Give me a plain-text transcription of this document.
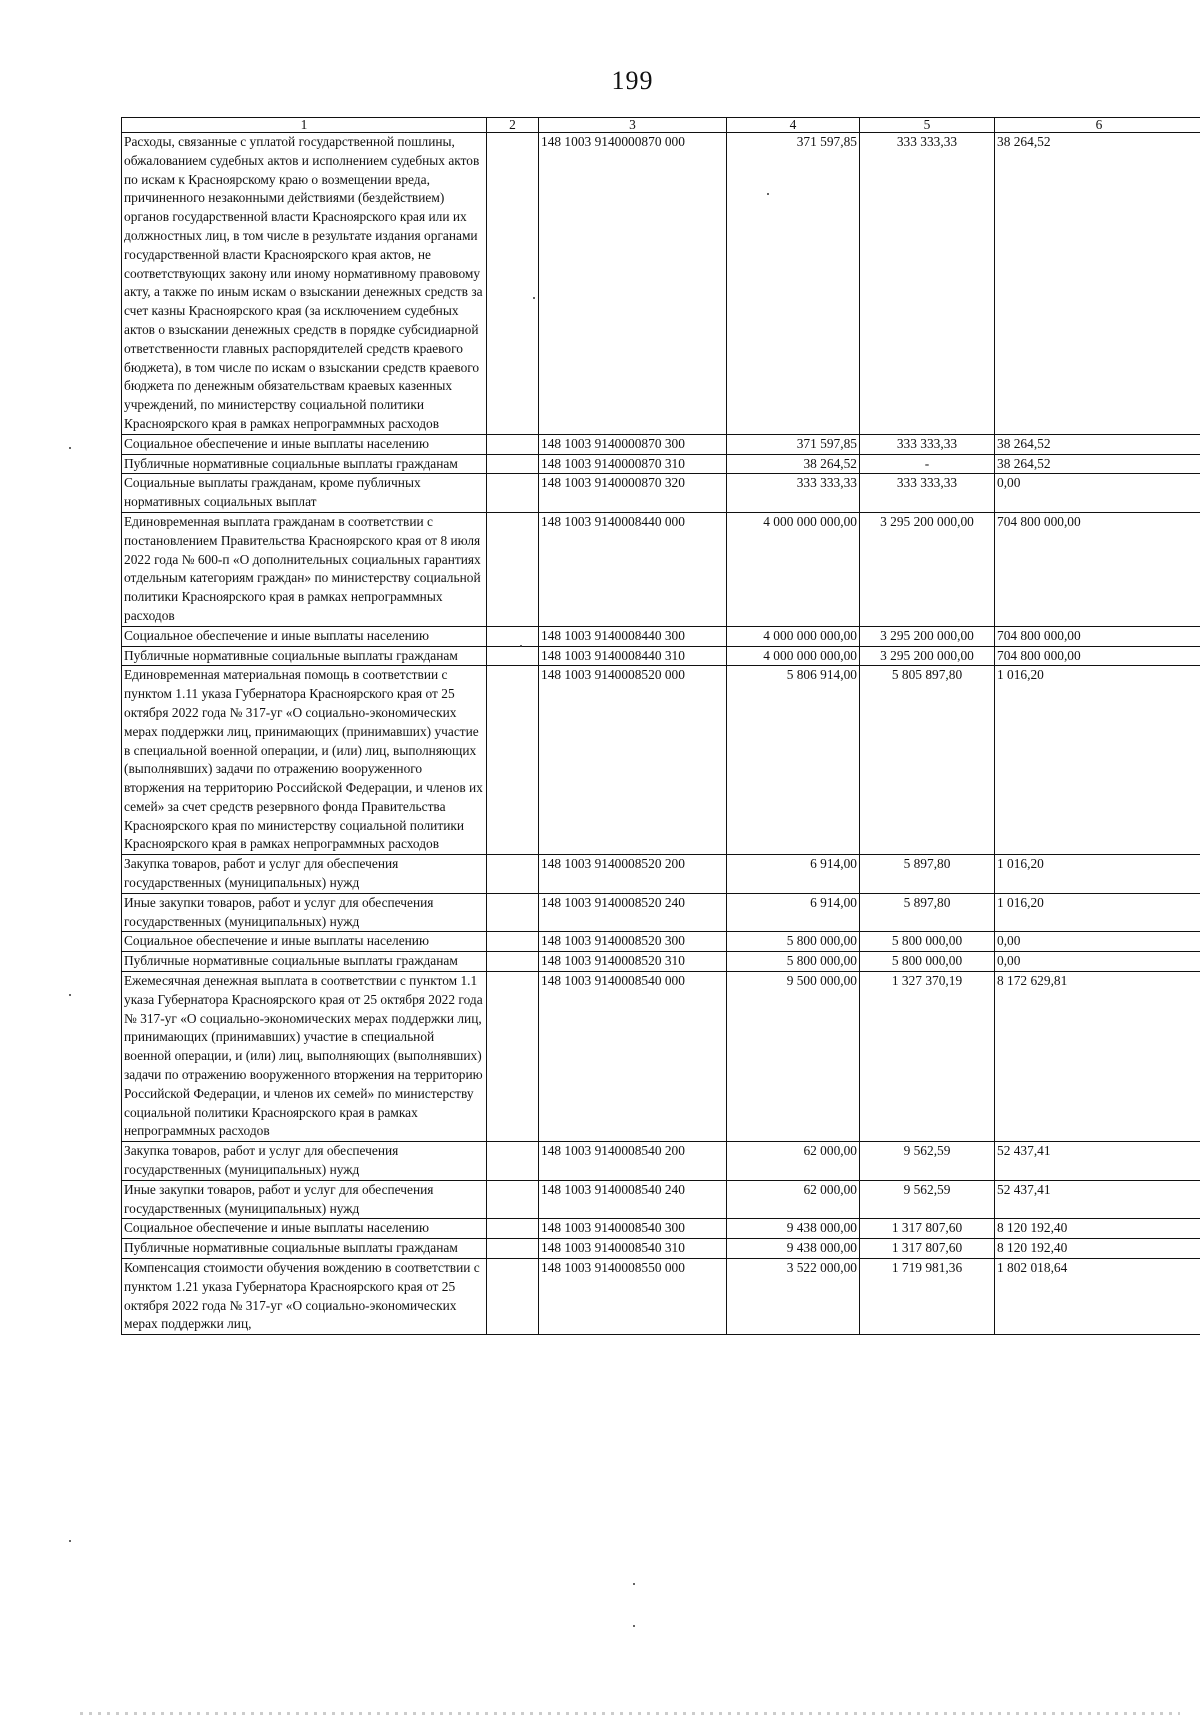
199
1	2	3	4	5	6
Расходы, связанные с уплатой государственной пошлины, обжалованием судебных актов и исполнением судебных актов по искам к Красноярскому краю о возмещении вреда, причиненного незаконными действиями (бездействием) органов государственной власти Красноярского края или их должностных лиц, в том числе в результате издания органами государственной власти Красноярского края актов, не соответствующих закону или иному нормативному правовому акту, а также по иным искам о взыскании денежных средств за счет казны Красноярского края (за исключением судебных актов о взыскании денежных средств в порядке субсидиарной ответственности главных распорядителей средств краевого бюджета), в том числе по искам о взыскании средств краевого бюджета по денежным обязательствам краевых казенных учреждений, по министерству социальной политики Красноярского края в рамках непрограммных расходов		148 1003 9140000870 000	371 597,85	333 333,33	38 264,52
Социальное обеспечение и иные выплаты населению		148 1003 9140000870 300	371 597,85	333 333,33	38 264,52
Публичные нормативные социальные выплаты гражданам		148 1003 9140000870 310	38 264,52	-	38 264,52
Социальные выплаты гражданам, кроме публичных нормативных социальных выплат		148 1003 9140000870 320	333 333,33	333 333,33	0,00
Единовременная выплата гражданам в соответствии с постановлением Правительства Красноярского края от 8 июля 2022 года № 600-п «О дополнительных социальных гарантиях отдельным категориям граждан» по министерству социальной политики Красноярского края в рамках непрограммных расходов		148 1003 9140008440 000	4 000 000 000,00	3 295 200 000,00	704 800 000,00
Социальное обеспечение и иные выплаты населению		148 1003 9140008440 300	4 000 000 000,00	3 295 200 000,00	704 800 000,00
Публичные нормативные социальные выплаты гражданам		148 1003 9140008440 310	4 000 000 000,00	3 295 200 000,00	704 800 000,00
Единовременная материальная помощь в соответствии с пунктом 1.11 указа Губернатора Красноярского края от 25 октября 2022 года № 317-уг «О социально-экономических мерах поддержки лиц, принимающих (принимавших) участие в специальной военной операции, и (или) лиц, выполняющих (выполнявших) задачи по отражению вооруженного вторжения на территорию Российской Федерации, и членов их семей» за счет средств резервного фонда Правительства Красноярского края по министерству социальной политики Красноярского края в рамках непрограммных расходов		148 1003 9140008520 000	5 806 914,00	5 805 897,80	1 016,20
Закупка товаров, работ и услуг для обеспечения государственных (муниципальных) нужд		148 1003 9140008520 200	6 914,00	5 897,80	1 016,20
Иные закупки товаров, работ и услуг для обеспечения государственных (муниципальных) нужд		148 1003 9140008520 240	6 914,00	5 897,80	1 016,20
Социальное обеспечение и иные выплаты населению		148 1003 9140008520 300	5 800 000,00	5 800 000,00	0,00
Публичные нормативные социальные выплаты гражданам		148 1003 9140008520 310	5 800 000,00	5 800 000,00	0,00
Ежемесячная денежная выплата в соответствии с пунктом 1.1 указа Губернатора Красноярского края от 25 октября 2022 года № 317-уг «О социально-экономических мерах поддержки лиц, принимающих (принимавших) участие в специальной военной операции, и (или) лиц, выполняющих (выполнявших) задачи по отражению вооруженного вторжения на территорию Российской Федерации, и членов их семей» по министерству социальной политики Красноярского края в рамках непрограммных расходов		148 1003 9140008540 000	9 500 000,00	1 327 370,19	8 172 629,81
Закупка товаров, работ и услуг для обеспечения государственных (муниципальных) нужд		148 1003 9140008540 200	62 000,00	9 562,59	52 437,41
Иные закупки товаров, работ и услуг для обеспечения государственных (муниципальных) нужд		148 1003 9140008540 240	62 000,00	9 562,59	52 437,41
Социальное обеспечение и иные выплаты населению		148 1003 9140008540 300	9 438 000,00	1 317 807,60	8 120 192,40
Публичные нормативные социальные выплаты гражданам		148 1003 9140008540 310	9 438 000,00	1 317 807,60	8 120 192,40
Компенсация стоимости обучения вождению в соответствии с пунктом 1.21 указа Губернатора Красноярского края от 25 октября 2022 года № 317-уг «О социально-экономических мерах поддержки лиц,		148 1003 9140008550 000	3 522 000,00	1 719 981,36	1 802 018,64
